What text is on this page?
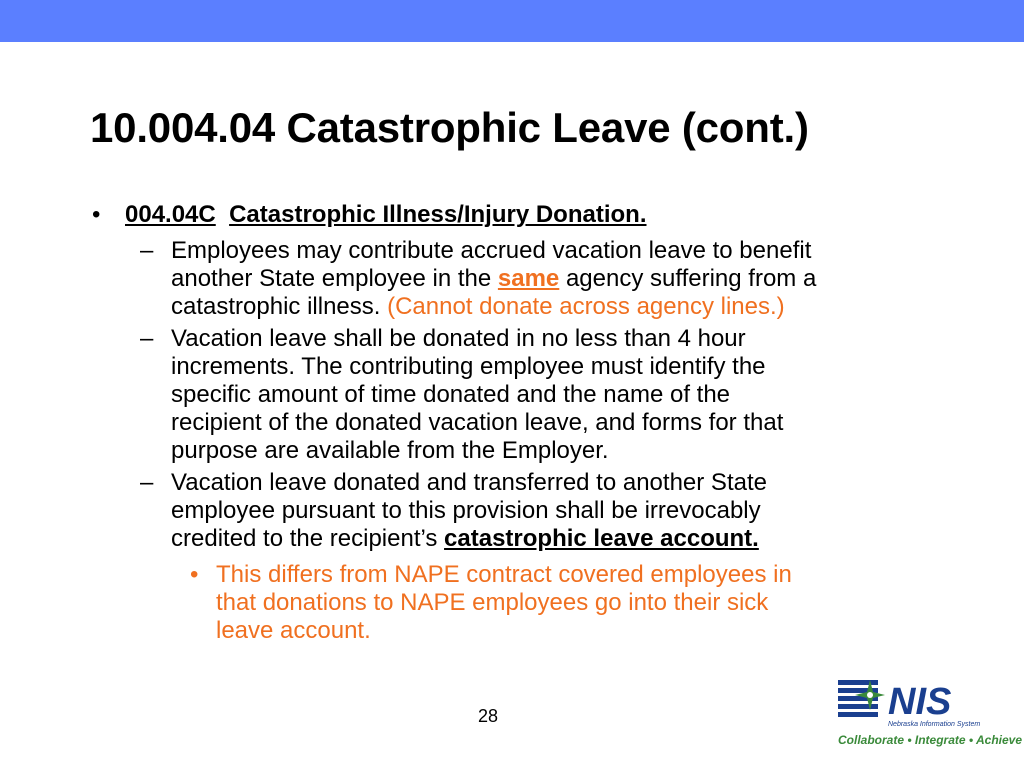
10.004.04 Catastrophic Leave (cont.)
• 004.04C Catastrophic Illness/Injury Donation.
– Employees may contribute accrued vacation leave to benefit
another State employee in the same agency suffering from a
catastrophic illness. (Cannot donate across agency lines.)
– Vacation leave shall be donated in no less than 4 hour
increments. The contributing employee must identify the
specific amount of time donated and the name of the
recipient of the donated vacation leave, and forms for that
purpose are available from the Employer.
– Vacation leave donated and transferred to another State
employee pursuant to this provision shall be irrevocably
credited to the recipient’s catastrophic leave account.
• This differs from NAPE contract covered employees in
that donations to NAPE employees go into their sick
leave account.
28	NIS
Nebraska Information System
Collaborate • Integrate • Achieve
